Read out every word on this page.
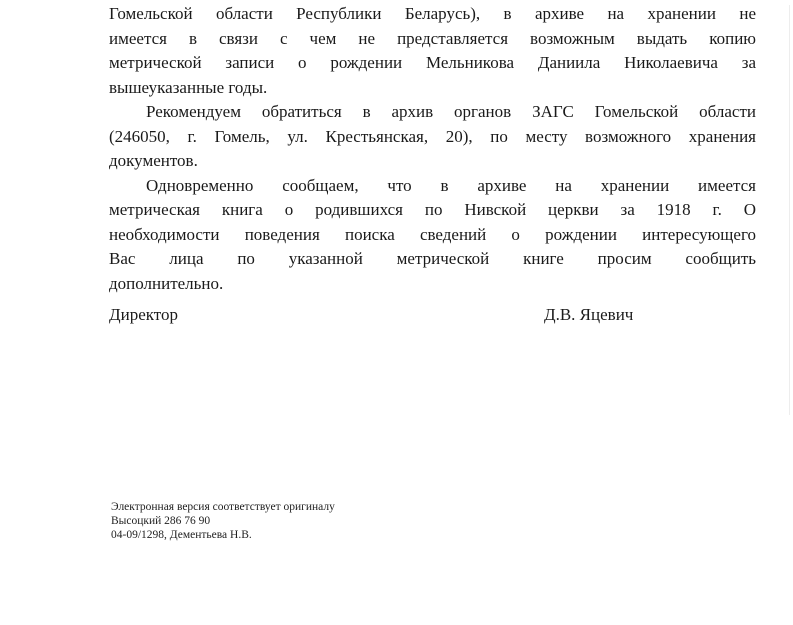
Гомельской области Республики Беларусь), в архиве на хранении не
имеется в связи с чем не представляется возможным выдать копию
метрической записи о рождении Мельникова Даниила Николаевича за
вышеуказанные годы.
Рекомендуем обратиться в архив органов ЗАГС Гомельской области
(246050, г. Гомель, ул. Крестьянская, 20), по месту возможного хранения
документов.
Одновременно сообщаем, что в архиве на хранении имеется
метрическая книга о родившихся по Нивской церкви за 1918 г. О
необходимости поведения поиска сведений о рождении интересующего
Вас лица по указанной метрической книге просим сообщить
дополнительно.
Директор	Д.В. Яцевич
Электронная версия соответствует оригиналу
Высоцкий 286 76 90
04-09/1298, Дементьева Н.В.
